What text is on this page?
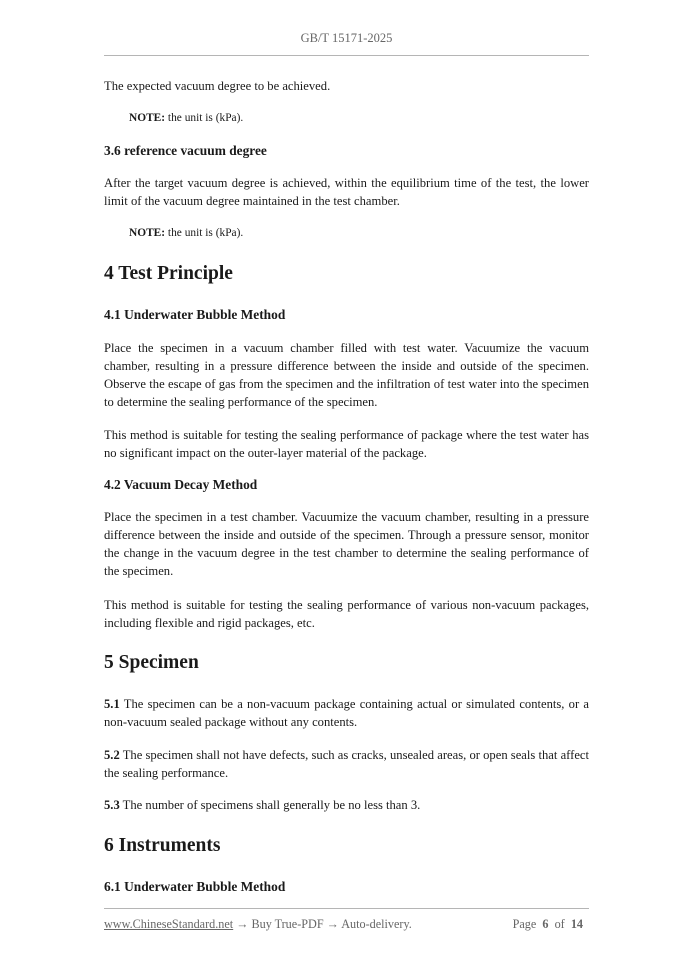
GB/T 15171-2025
The expected vacuum degree to be achieved.
NOTE: the unit is (kPa).
3.6 reference vacuum degree
After the target vacuum degree is achieved, within the equilibrium time of the test, the lower limit of the vacuum degree maintained in the test chamber.
NOTE: the unit is (kPa).
4 Test Principle
4.1 Underwater Bubble Method
Place the specimen in a vacuum chamber filled with test water. Vacuumize the vacuum chamber, resulting in a pressure difference between the inside and outside of the specimen. Observe the escape of gas from the specimen and the infiltration of test water into the specimen to determine the sealing performance of the specimen.
This method is suitable for testing the sealing performance of package where the test water has no significant impact on the outer-layer material of the package.
4.2 Vacuum Decay Method
Place the specimen in a test chamber. Vacuumize the vacuum chamber, resulting in a pressure difference between the inside and outside of the specimen. Through a pressure sensor, monitor the change in the vacuum degree in the test chamber to determine the sealing performance of the specimen.
This method is suitable for testing the sealing performance of various non-vacuum packages, including flexible and rigid packages, etc.
5 Specimen
5.1 The specimen can be a non-vacuum package containing actual or simulated contents, or a non-vacuum sealed package without any contents.
5.2 The specimen shall not have defects, such as cracks, unsealed areas, or open seals that affect the sealing performance.
5.3 The number of specimens shall generally be no less than 3.
6 Instruments
6.1 Underwater Bubble Method
www.ChineseStandard.net → Buy True-PDF → Auto-delivery.	Page 6 of 14
